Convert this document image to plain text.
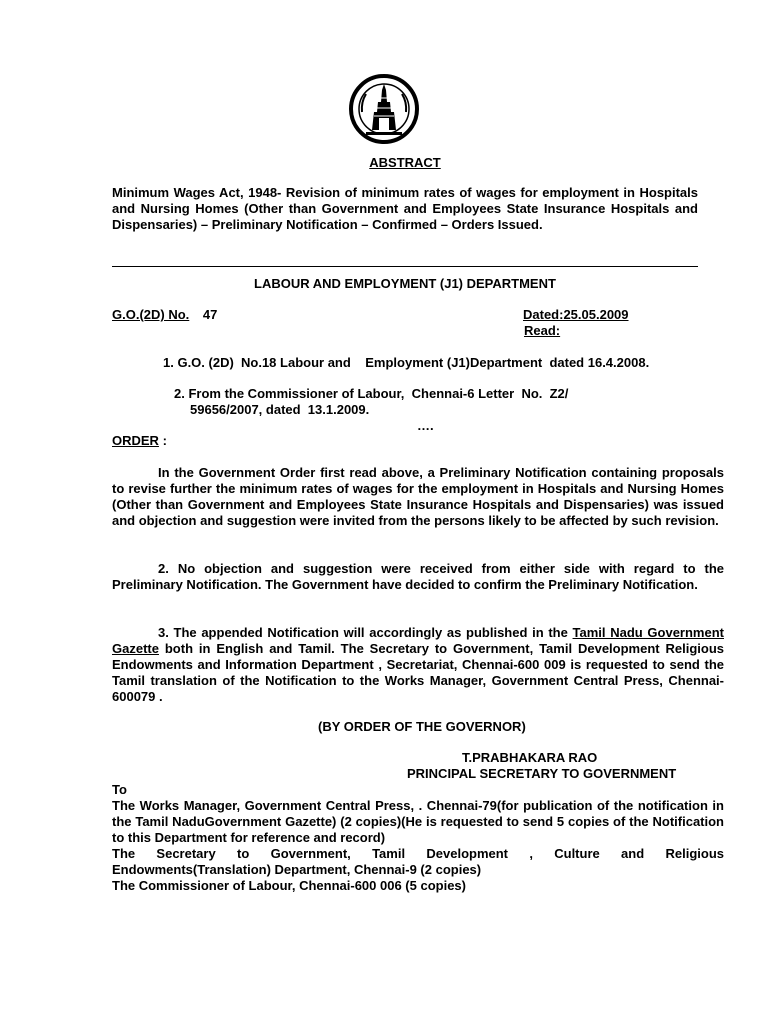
ABSTRACT

Minimum Wages Act, 1948- Revision of minimum rates of wages for employment in Hospitals and Nursing Homes (Other than Government and Employees State Insurance Hospitals and Dispensaries) – Preliminary Notification – Confirmed – Orders Issued.

LABOUR AND EMPLOYMENT (J1) DEPARTMENT
G.O.(2D) No. 47	Dated:25.05.2009
Read:
1. G.O. (2D)  No.18 Labour and    Employment (J1)Department  dated 16.4.2008.
2. From the Commissioner of Labour,  Chennai-6 Letter  No.  Z2/
59656/2007, dated  13.1.2009.
….
ORDER :

In the Government Order first read above, a Preliminary Notification containing proposals to revise further the minimum rates of wages for the employment in Hospitals and Nursing Homes (Other than Government and Employees State Insurance Hospitals and Dispensaries) was issued and objection and suggestion were invited from the persons likely to be affected by such revision.

2. No objection and suggestion were received from either side with regard to the Preliminary Notification. The Government have decided to confirm the Preliminary Notification.

3. The appended Notification will accordingly as published in the Tamil Nadu Government Gazette both in English and Tamil. The Secretary to Government, Tamil Development Religious Endowments and Information Department , Secretariat, Chennai-600 009 is requested to send the Tamil translation of the Notification to the Works Manager, Government Central Press, Chennai-600079 .

(BY ORDER OF THE GOVERNOR)
T.PRABHAKARA RAO
PRINCIPAL SECRETARY TO GOVERNMENT
To

The Works Manager, Government Central Press, . Chennai-79(for publication of the notification in the Tamil NaduGovernment Gazette) (2 copies)(He is requested to send 5 copies of the Notification to this Department for reference and record)

The Secretary to Government, Tamil Development , Culture and Religious Endowments(Translation) Department, Chennai-9 (2 copies)

The Commissioner of Labour, Chennai-600 006 (5 copies)
